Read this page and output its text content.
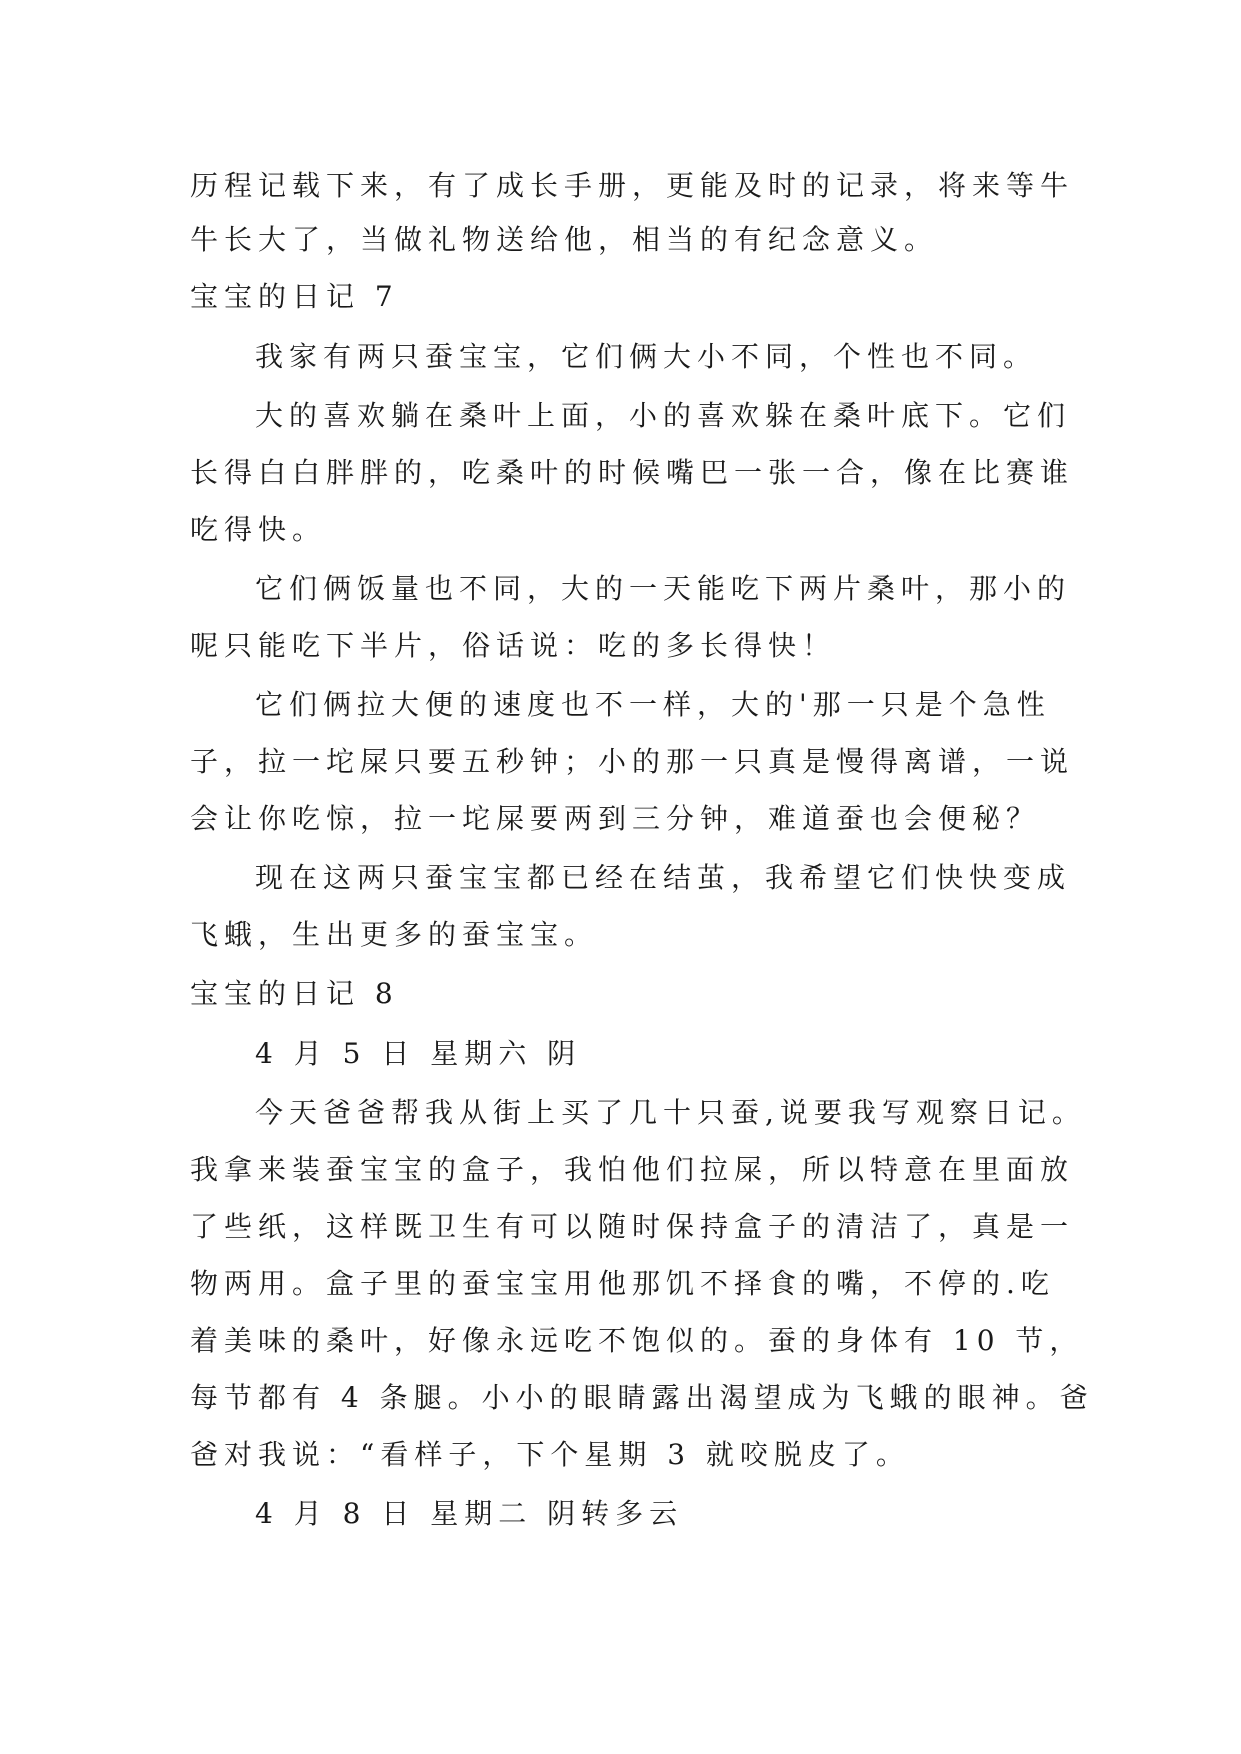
历程记载下来，有了成长手册，更能及时的记录，将来等牛

牛长大了，当做礼物送给他，相当的有纪念意义。

宝宝的日记 7

我家有两只蚕宝宝，它们俩大小不同，个性也不同。

大的喜欢躺在桑叶上面，小的喜欢躲在桑叶底下。它们

长得白白胖胖的，吃桑叶的时候嘴巴一张一合，像在比赛谁

吃得快。

它们俩饭量也不同，大的一天能吃下两片桑叶，那小的

呢只能吃下半片，俗话说：吃的多长得快！

它们俩拉大便的速度也不一样，大的'那一只是个急性

子，拉一坨屎只要五秒钟；小的那一只真是慢得离谱，一说

会让你吃惊，拉一坨屎要两到三分钟，难道蚕也会便秘？

现在这两只蚕宝宝都已经在结茧，我希望它们快快变成

飞蛾，生出更多的蚕宝宝。

宝宝的日记 8

4 月 5 日 星期六 阴

今天爸爸帮我从街上买了几十只蚕,说要我写观察日记。

我拿来装蚕宝宝的盒子，我怕他们拉屎，所以特意在里面放

了些纸，这样既卫生有可以随时保持盒子的清洁了，真是一

物两用。盒子里的蚕宝宝用他那饥不择食的嘴，不停的.吃

着美味的桑叶，好像永远吃不饱似的。蚕的身体有 10 节，

每节都有 4 条腿。小小的眼睛露出渴望成为飞蛾的眼神。爸

爸对我说：“看样子，下个星期 3 就咬脱皮了。

4 月 8 日 星期二 阴转多云
